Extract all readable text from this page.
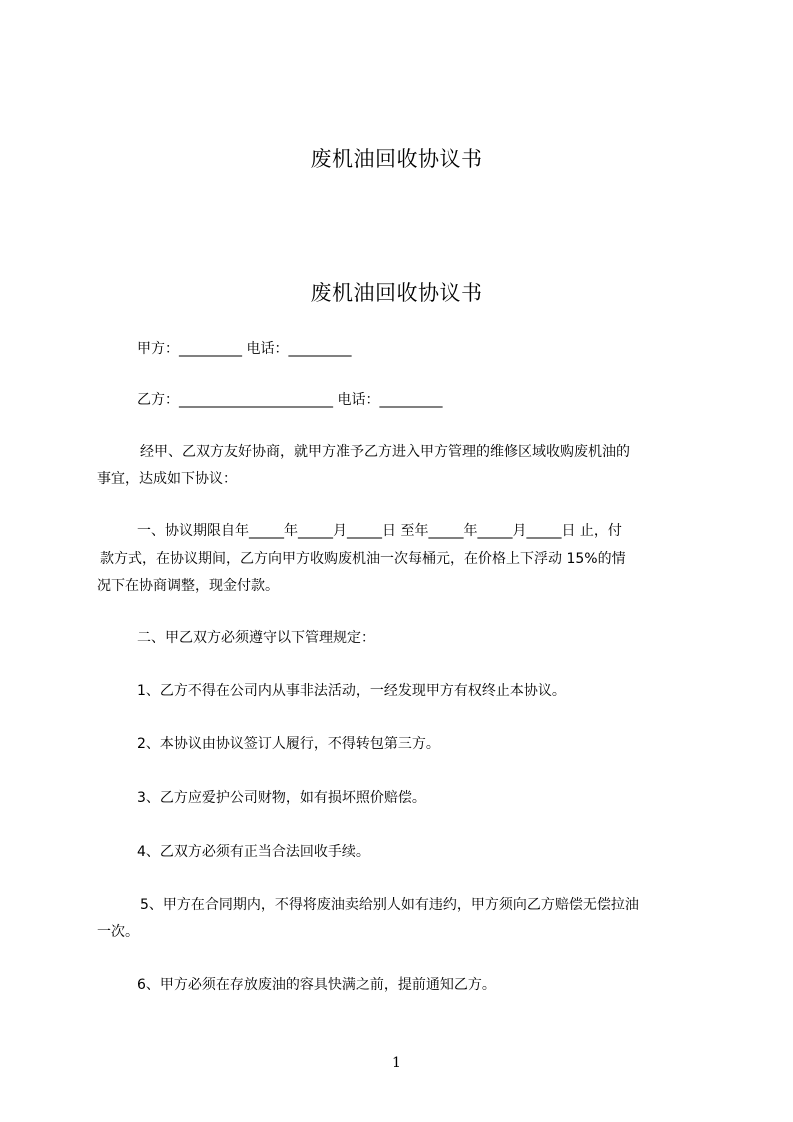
废机油回收协议书
废机油回收协议书

甲方：_________ 电话：_________

乙方：______________________ 电话：_________

经甲、乙双方友好协商，就甲方准予乙方进入甲方管理的维修区域收购废机油的

事宜，达成如下协议：

一、协议期限自年_____年_____月_____日 至年_____年_____月_____日 止，付

款方式，在协议期间，乙方向甲方收购废机油一次每桶元，在价格上下浮动 15%的情

况下在协商调整，现金付款。

二、甲乙双方必须遵守以下管理规定：

1、乙方不得在公司内从事非法活动，一经发现甲方有权终止本协议。

2、本协议由协议签订人履行，不得转包第三方。

3、乙方应爱护公司财物，如有损坏照价赔偿。

4、乙双方必须有正当合法回收手续。

5、甲方在合同期内，不得将废油卖给别人如有违约，甲方须向乙方赔偿无偿拉油

一次。

6、甲方必须在存放废油的容具快满之前，提前通知乙方。

1
